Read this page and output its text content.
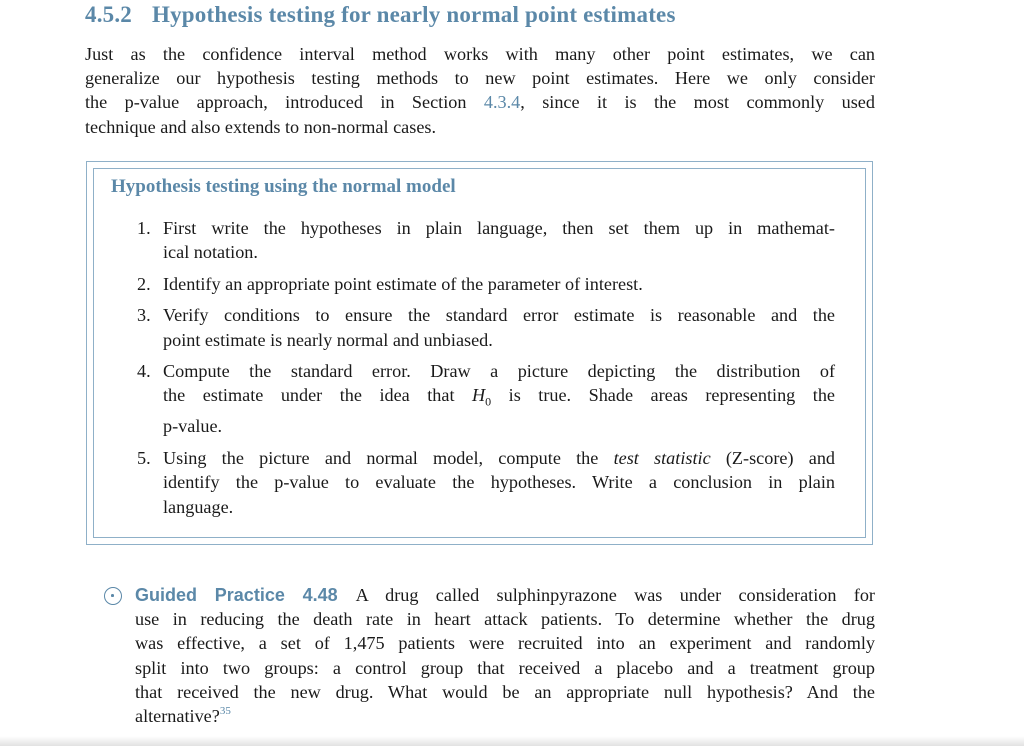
4.5.2 Hypothesis testing for nearly normal point estimates
Just as the confidence interval method works with many other point estimates, we can
generalize our hypothesis testing methods to new point estimates. Here we only consider
the p-value approach, introduced in Section 4.3.4, since it is the most commonly used
technique and also extends to non-normal cases.
Hypothesis testing using the normal model
1. First write the hypotheses in plain language, then set them up in mathemat-
ical notation.
2. Identify an appropriate point estimate of the parameter of interest.
3. Verify conditions to ensure the standard error estimate is reasonable and the
point estimate is nearly normal and unbiased.
4. Compute the standard error. Draw a picture depicting the distribution of
the estimate under the idea that $H_0$ is true. Shade areas representing the
p-value.
5. Using the picture and normal model, compute the test statistic (Z-score) and
identify the p-value to evaluate the hypotheses. Write a conclusion in plain
language.
Guided Practice 4.48 A drug called sulphinpyrazone was under consideration for
use in reducing the death rate in heart attack patients. To determine whether the drug
was effective, a set of 1,475 patients were recruited into an experiment and randomly
split into two groups: a control group that received a placebo and a treatment group
that received the new drug. What would be an appropriate null hypothesis? And the
alternative?$^{35}$
